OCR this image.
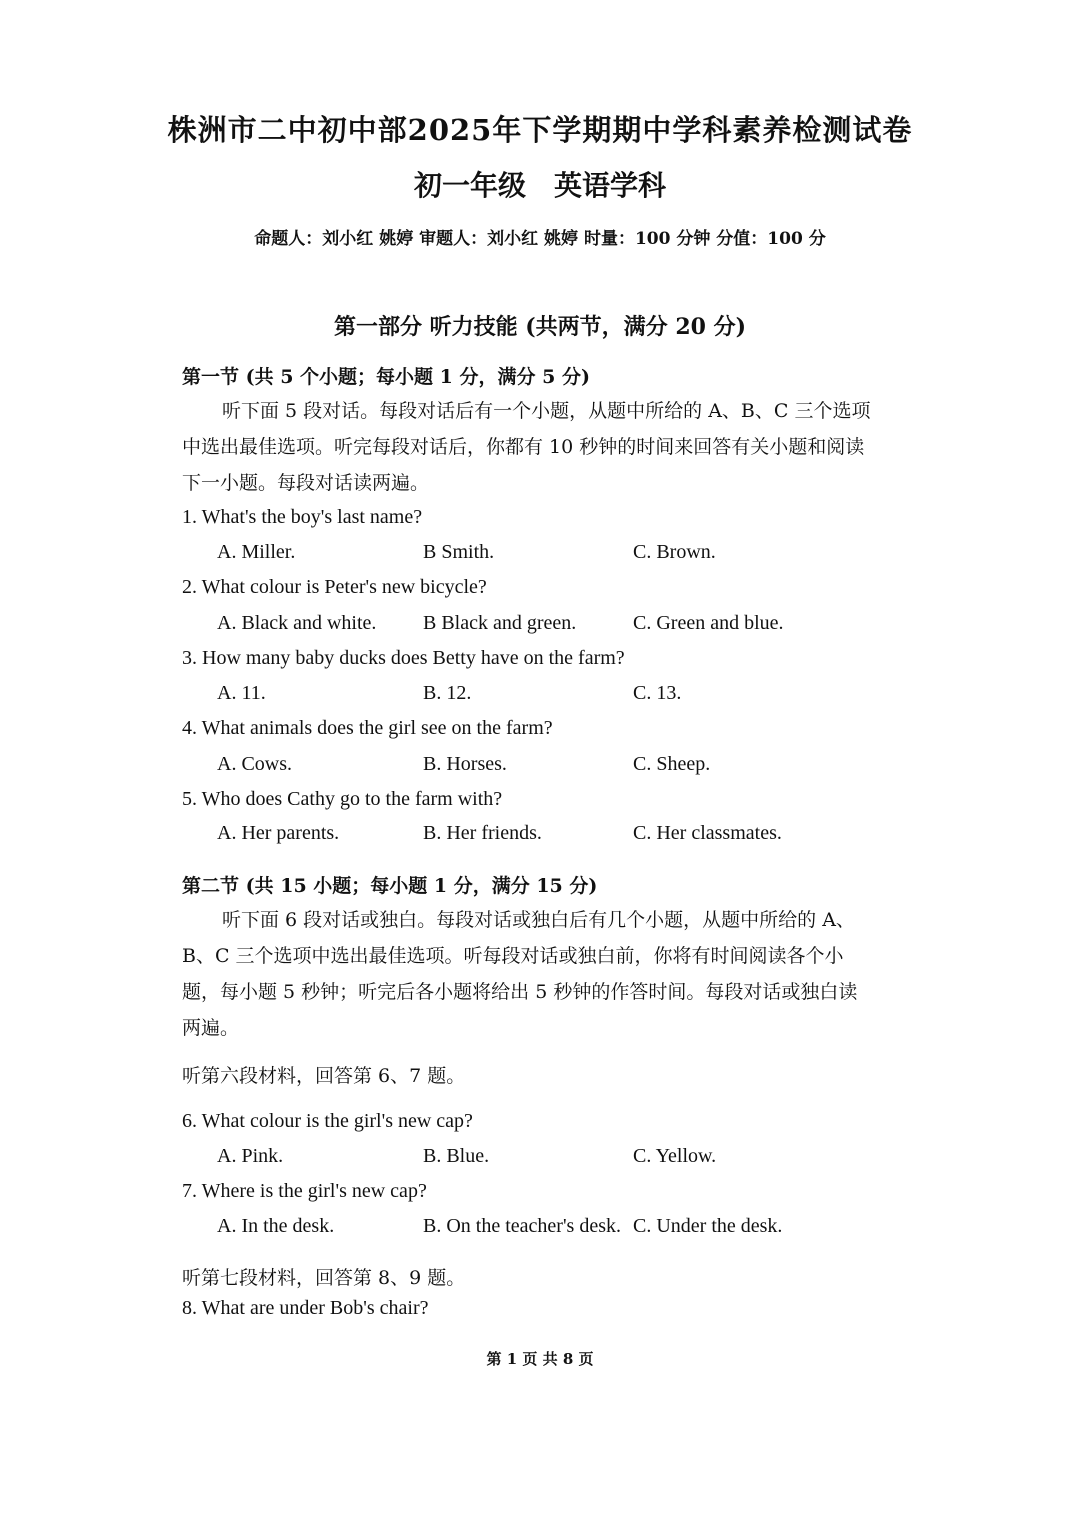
株洲市二中初中部2025年下学期期中学科素养检测试卷
初一年级 英语学科
命题人：刘小红 姚婷 审题人：刘小红 姚婷 时量：100 分钟 分值：100 分
第一部分 听力技能 (共两节，满分 20 分)
第一节 (共 5 个小题；每小题 1 分，满分 5 分)
听下面 5 段对话。每段对话后有一个小题，从题中所给的 A、B、C 三个选项中选出最佳选项。听完每段对话后，你都有 10 秒钟的时间来回答有关小题和阅读下一小题。每段对话读两遍。
1. What's the boy's last name?
A. Miller.	B Smith.	C. Brown.
2. What colour is Peter's new bicycle?
A. Black and white. B Black and green.	C. Green and blue.
3. How many baby ducks does Betty have on the farm?
A. 11.	B. 12.	C. 13.
4. What animals does the girl see on the farm?
A. Cows.	B. Horses.	C. Sheep.
5. Who does Cathy go to the farm with?
A. Her parents.	B. Her friends.	C. Her classmates.
第二节 (共 15 小题；每小题 1 分，满分 15 分)
听下面 6 段对话或独白。每段对话或独白后有几个小题，从题中所给的 A、B、C 三个选项中选出最佳选项。听每段对话或独白前，你将有时间阅读各个小题，每小题 5 秒钟；听完后各小题将给出 5 秒钟的作答时间。每段对话或独白读两遍。
听第六段材料，回答第 6、7 题。
6. What colour is the girl's new cap?
A. Pink.	B. Blue.	C. Yellow.
7. Where is the girl's new cap?
A. In the desk.	B. On the teacher's desk. C. Under the desk.
听第七段材料，回答第 8、9 题。
8. What are under Bob's chair?
第 1 页 共 8 页
